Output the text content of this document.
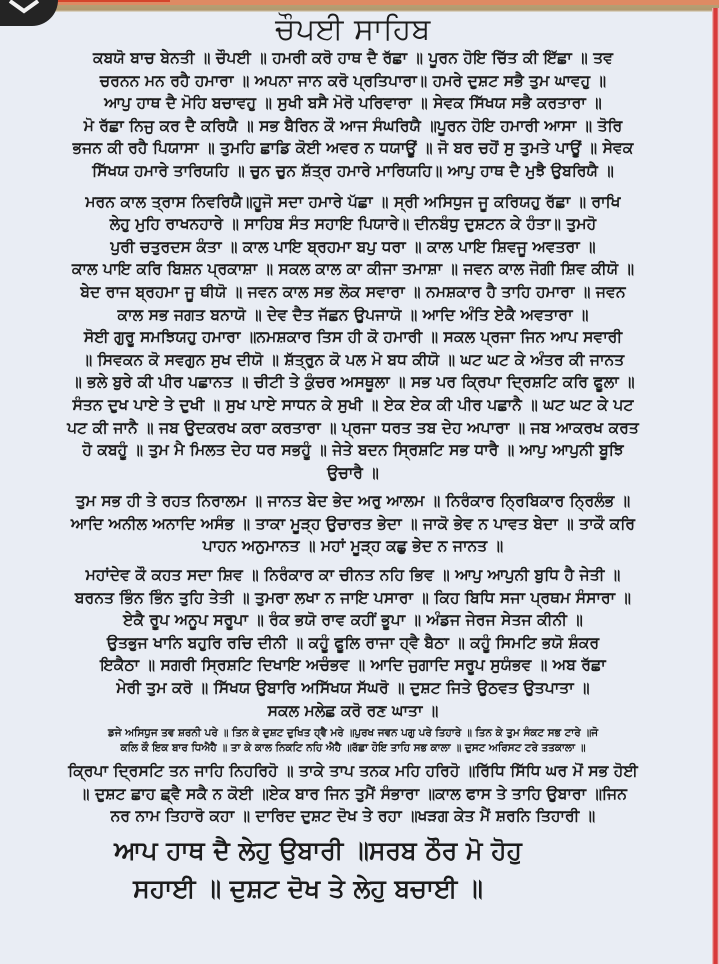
ਚੌਪਈ ਸਾਹਿਬ
ਕਬਯੋ ਬਾਚ ਬੇਨਤੀ ॥ ਚੌਪਈ ॥ ਹਮਰੀ ਕਰੋ ਹਾਥ ਦੈ ਰੱਛਾ ॥ ਪੂਰਨ ਹੋਇ ਚਿੱਤ ਕੀ ਇੱਛਾ ॥ ਤਵ
ਚਰਨਨ ਮਨ ਰਹੈ ਹਮਾਰਾ ॥ ਅਪਨਾ ਜਾਨ ਕਰੋ ਪ੍ਰਤਿਪਾਰਾ॥ ਹਮਰੇ ਦੁਸ਼ਟ ਸਭੈ ਤੁਮ ਘਾਵਹੁ ॥
ਆਪੁ ਹਾਥ ਦੈ ਮੋਹਿ ਬਚਾਵਹੁ ॥ ਸੁਖੀ ਬਸੈ ਮੋਰੋ ਪਰਿਵਾਰਾ ॥ ਸੇਵਕ ਸਿੱਖਯ ਸਭੈ ਕਰਤਾਰਾ ॥
ਮੋ ਰੱਛਾ ਨਿਜੁ ਕਰ ਦੈ ਕਰਿਯੈ ॥ ਸਭ ਬੈਰਿਨ ਕੌ ਆਜ ਸੰਘਰਿਯੈ ॥ਪੂਰਨ ਹੋਇ ਹਮਾਰੀ ਆਸਾ ॥ ਤੋਰਿ
ਭਜਨ ਕੀ ਰਹੈ ਪਿਯਾਸਾ ॥ ਤੁਮਹਿ ਛਾਡਿ ਕੋਈ ਅਵਰ ਨ ਧਯਾਊਂ ॥ ਜੋ ਬਰ ਚਹੋਂ ਸੁ ਤੁਮਤੇ ਪਾਊਂ ॥ ਸੇਵਕ
ਸਿੱਖਯ ਹਮਾਰੇ ਤਾਰਿਯਹਿ ॥ ਚੁਨ ਚੁਨ ਸ਼ੱਤ੍ਰ ਹਮਾਰੇ ਮਾਰਿਯਹਿ॥ ਆਪੁ ਹਾਥ ਦੈ ਮੁਝੈ ਉਬਰਿਯੈ ॥
ਮਰਨ ਕਾਲ ਤ੍ਰਾਸ ਨਿਵਰਿਯੈ॥ਹੂਜੋ ਸਦਾ ਹਮਾਰੇ ਪੱਛਾ ॥ ਸ੍ਰੀ ਅਸਿਧੁਜ ਜੂ ਕਰਿਯਹੁ ਰੱਛਾ ॥ ਰਾਖਿ
ਲੇਹੁ ਮੁਹਿ ਰਾਖਨਹਾਰੇ ॥ ਸਾਹਿਬ ਸੰਤ ਸਹਾਇ ਪਿਯਾਰੇ॥ ਦੀਨਬੰਧੁ ਦੁਸ਼ਟਨ ਕੇ ਹੰਤਾ॥ ਤੁਮਹੋ
ਪੁਰੀ ਚਤੁਰਦਸ ਕੰਤਾ ॥ ਕਾਲ ਪਾਇ ਬ੍ਰਹਮਾ ਬਪੁ ਧਰਾ ॥ ਕਾਲ ਪਾਇ ਸ਼ਿਵਜੂ ਅਵਤਰਾ ॥
ਕਾਲ ਪਾਇ ਕਰਿ ਬਿਸ਼ਨ ਪ੍ਰਕਾਸ਼ਾ ॥ ਸਕਲ ਕਾਲ ਕਾ ਕੀਜਾ ਤਮਾਸ਼ਾ ॥ ਜਵਨ ਕਾਲ ਜੋਗੀ ਸ਼ਿਵ ਕੀਯੋ ॥
ਬੇਦ ਰਾਜ ਬ੍ਰਹਮਾ ਜੂ ਥੀਯੋ ॥ ਜਵਨ ਕਾਲ ਸਭ ਲੋਕ ਸਵਾਰਾ ॥ ਨਮਸ਼ਕਾਰ ਹੈ ਤਾਹਿ ਹਮਾਰਾ ॥ ਜਵਨ
ਕਾਲ ਸਭ ਜਗਤ ਬਨਾਯੋ ॥ ਦੇਵ ਦੈਤ ਜੱਛਨ ਉਪਜਾਯੋ ॥ ਆਦਿ ਅੰਤਿ ਏਕੈ ਅਵਤਾਰਾ ॥
ਸੋਈ ਗੁਰੂ ਸਮਝਿਯਹੁ ਹਮਾਰਾ ॥ਨਮਸ਼ਕਾਰ ਤਿਸ ਹੀ ਕੋ ਹਮਾਰੀ ॥ ਸਕਲ ਪ੍ਰਜਾ ਜਿਨ ਆਪ ਸਵਾਰੀ
॥ ਸਿਵਕਨ ਕੋ ਸਵਗੁਨ ਸੁਖ ਦੀਯੋ ॥ ਸ਼ੱਤ੍ਰੁਨ ਕੋ ਪਲ ਮੋ ਬਧ ਕੀਯੋ ॥ ਘਟ ਘਟ ਕੇ ਅੰਤਰ ਕੀ ਜਾਨਤ
॥ ਭਲੇ ਬੁਰੇ ਕੀ ਪੀਰ ਪਛਾਨਤ ॥ ਚੀਟੀ ਤੇ ਕੁੰਚਰ ਅਸਥੂਲਾ ॥ ਸਭ ਪਰ ਕ੍ਰਿਪਾ ਦ੍ਰਿਸ਼ਟਿ ਕਰਿ ਫੂਲਾ ॥
ਸੰਤਨ ਦੁਖ ਪਾਏ ਤੇ ਦੁਖੀ ॥ ਸੁਖ ਪਾਏ ਸਾਧਨ ਕੇ ਸੁਖੀ ॥ ਏਕ ਏਕ ਕੀ ਪੀਰ ਪਛਾਨੈ ॥ ਘਟ ਘਟ ਕੇ ਪਟ
ਪਟ ਕੀ ਜਾਨੈ ॥ ਜਬ ਉਦਕਰਖ ਕਰਾ ਕਰਤਾਰਾ ॥ ਪ੍ਰਜਾ ਧਰਤ ਤਬ ਦੇਹ ਅਪਾਰਾ ॥ ਜਬ ਆਕਰਖ ਕਰਤ
ਹੋ ਕਬਹੂੰ ॥ ਤੁਮ ਮੈ ਮਿਲਤ ਦੇਹ ਧਰ ਸਭਹੂੰ ॥ ਜੇਤੇ ਬਦਨ ਸ੍ਰਿਸ਼ਟਿ ਸਭ ਧਾਰੈ ॥ ਆਪੁ ਆਪੁਨੀ ਬੂਝਿ
ਉਚਾਰੈ ॥
ਤੁਮ ਸਭ ਹੀ ਤੇ ਰਹਤ ਨਿਰਾਲਮ ॥ ਜਾਨਤ ਬੇਦ ਭੇਦ ਅਰੁ ਆਲਮ ॥ ਨਿਰੰਕਾਰ ਨ੍ਰਿਬਿਕਾਰ ਨ੍ਰਿਲੰਭ ॥
ਆਦਿ ਅਨੀਲ ਅਨਾਦਿ ਅਸੰਭ ॥ ਤਾਕਾ ਮੂੜ੍ਹ ਉਚਾਰਤ ਭੇਦਾ ॥ ਜਾਕੋ ਭੇਵ ਨ ਪਾਵਤ ਬੇਦਾ ॥ ਤਾਕੌ ਕਰਿ
ਪਾਹਨ ਅਨੁਮਾਨਤ ॥ ਮਹਾਂ ਮੂੜ੍ਹ ਕਛੁ ਭੇਦ ਨ ਜਾਨਤ ॥
ਮਹਾਂਦੇਵ ਕੌ ਕਹਤ ਸਦਾ ਸ਼ਿਵ ॥ ਨਿਰੰਕਾਰ ਕਾ ਚੀਨਤ ਨਹਿ ਭਿਵ ॥ ਆਪੁ ਆਪੁਨੀ ਬੁਧਿ ਹੈ ਜੇਤੀ ॥
ਬਰਨਤ ਭਿੰਨ ਭਿੰਨ ਤੁਹਿ ਤੇਤੀ ॥ ਤੁਮਰਾ ਲਖਾ ਨ ਜਾਇ ਪਸਾਰਾ ॥ ਕਿਹ ਬਿਧਿ ਸਜਾ ਪ੍ਰਥਮ ਸੰਸਾਰਾ ॥
ਏਕੈ ਰੂਪ ਅਨੂਪ ਸਰੂਪਾ ॥ ਰੰਕ ਭਯੋ ਰਾਵ ਕਹੀਂ ਭੂਪਾ ॥ ਅੰਡਜ ਜੇਰਜ ਸੇਤਜ ਕੀਨੀ ॥
ਉਤਭੁਜ ਖਾਨਿ ਬਹੁਰਿ ਰਚਿ ਦੀਨੀ ॥ ਕਹੂੰ ਫੂਲਿ ਰਾਜਾ ਹ੍ਵੈ ਬੈਠਾ ॥ ਕਹੂੰ ਸਿਮਟਿ ਭਯੋ ਸ਼ੰਕਰ
ਇਕੈਠਾ ॥ ਸਗਰੀ ਸ੍ਰਿਸ਼ਟਿ ਦਿਖਾਇ ਅਚੰਭਵ ॥ ਆਦਿ ਜੁਗਾਦਿ ਸਰੂਪ ਸੁਯੰਭਵ ॥ ਅਬ ਰੱਛਾ
ਮੇਰੀ ਤੁਮ ਕਰੋ ॥ ਸਿੱਖਯ ਉਬਾਰਿ ਅਸਿੱਖਯ ਸੱਘਰੋ ॥ ਦੁਸ਼ਟ ਜਿਤੇ ਉਠਵਤ ਉਤਪਾਤਾ ॥
ਸਕਲ ਮਲੇਛ ਕਰੋ ਰਣ ਘਾਤਾ ॥
ਡਜੇ ਅਸਿਧੁਜ ਤਵ ਸ਼ਰਨੀ ਪਰੇ ॥ ਤਿਨ ਕੇ ਦੁਸ਼ਟ ਦੁਖਿਤ ਹ੍ਵੈ ਮਰੇ ॥ਪੁਰਖ ਜਵਨ ਪਗੁ ਪਰੇ ਤਿਹਾਰੇ ॥ ਤਿਨ ਕੇ ਤੁਮ ਸੰਕਟ ਸਭ ਟਾਰੇ ॥ਜੋ
ਕਲਿ ਕੌ ਇਕ ਬਾਰ ਧਿਐਹੈ ॥ ਤਾ ਕੇ ਕਾਲ ਨਿਕਟਿ ਨਹਿ ਐਹੈ ॥ਰੱਛਾ ਹੋਇ ਤਾਹਿ ਸਭ ਕਾਲਾ ॥ ਦੁਸਟ ਅਰਿਸਟ ਟਰੇ ਤਤਕਾਲਾ ॥
ਕ੍ਰਿਪਾ ਦ੍ਰਿਸਟਿ ਤਨ ਜਾਹਿ ਨਿਹਰਿਹੋ ॥ ਤਾਕੇ ਤਾਪ ਤਨਕ ਮਹਿ ਹਰਿਹੋ ॥ਰਿੱਧਿ ਸਿੱਧਿ ਘਰ ਮੋਂ ਸਭ ਹੋਈ
॥ ਦੁਸ਼ਟ ਛਾਹ ਛ੍ਵੈ ਸਕੈ ਨ ਕੋਈ ॥ਏਕ ਬਾਰ ਜਿਨ ਤੁਮੈਂ ਸੰਭਾਰਾ ॥ਕਾਲ ਫਾਸ ਤੇ ਤਾਹਿ ਉਬਾਰਾ ॥ਜਿਨ
ਨਰ ਨਾਮ ਤਿਹਾਰੋ ਕਹਾ ॥ ਦਾਰਿਦ ਦੁਸ਼ਟ ਦੋਖ ਤੇ ਰਹਾ ॥ਖੜਗ ਕੇਤ ਮੈਂ ਸ਼ਰਨਿ ਤਿਹਾਰੀ ॥
ਆਪ ਹਾਥ ਦੈ ਲੇਹੁ ਉਬਾਰੀ ॥ਸਰਬ ਠੌਰ ਮੋ ਹੋਹੁ
ਸਹਾਈ ॥ ਦੁਸ਼ਟ ਦੋਖ ਤੇ ਲੇਹੁ ਬਚਾਈ ॥
